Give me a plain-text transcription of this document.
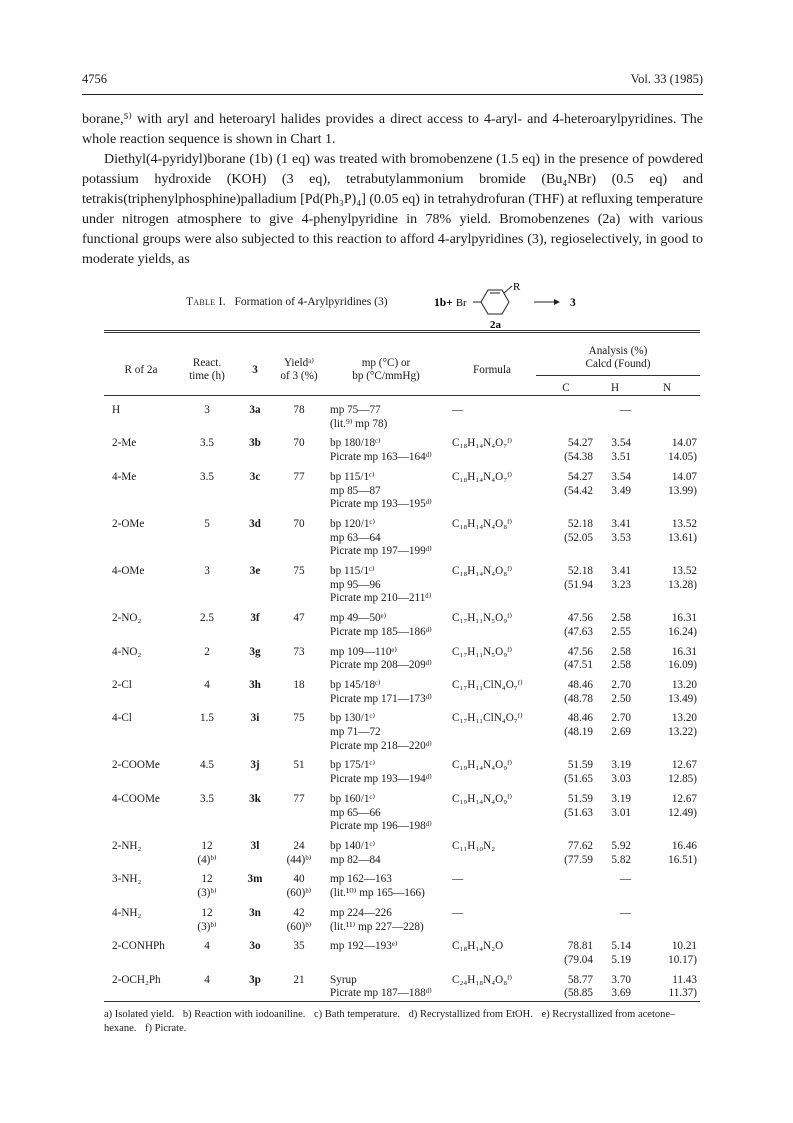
4756	Vol. 33 (1985)

borane,⁵⁾ with aryl and heteroaryl halides provides a direct access to 4-aryl- and 4-heteroarylpyridines. The whole reaction sequence is shown in Chart 1.

Diethyl(4-pyridyl)borane (1b) (1 eq) was treated with bromobenzene (1.5 eq) in the presence of powdered potassium hydroxide (KOH) (3 eq), tetrabutylammonium bromide (Bu₄NBr) (0.5 eq) and tetrakis(triphenylphosphine)palladium [Pd(Ph₃P)₄] (0.05 eq) in tetrahydrofuran (THF) at refluxing temperature under nitrogen atmosphere to give 4-phenylpyridine in 78% yield. Bromobenzenes (2a) with various functional groups were also subjected to this reaction to afford 4-arylpyridines (3), regioselectively, in good to moderate yields, as

Table I. Formation of 4-Arylpyridines (3)	1b+ Br
R
3
2a

R of 2a	React.
time (h)	3	Yieldᵃ⁾
of 3 (%)	mp (°C) or
bp (°C/mmHg)	Formula	Analysis (%)
Calcd (Found)		

						C	H	N

H	3	3a	78	mp 75—77	—		—	
				(lit.⁹⁾ mp 78)				
2-Me	3.5	3b	70	bp 180/18ᶜ⁾	C₁₈H₁₄N₄O₇ᶠ⁾	54.27	3.54	14.07
				Picrate mp 163—164ᵈ⁾		(54.38	3.51	14.05)
4-Me	3.5	3c	77	bp 115/1ᶜ⁾	C₁₈H₁₄N₄O₇ᶠ⁾	54.27	3.54	14.07
				mp 85—87		(54.42	3.49	13.99)
				Picrate mp 193—195ᵈ⁾				
2-OMe	5	3d	70	bp 120/1ᶜ⁾	C₁₈H₁₄N₄O₈ᶠ⁾	52.18	3.41	13.52
				mp 63—64		(52.05	3.53	13.61)
				Picrate mp 197—199ᵈ⁾				
4-OMe	3	3e	75	bp 115/1ᶜ⁾	C₁₈H₁₄N₄O₈ᶠ⁾	52.18	3.41	13.52
				mp 95—96		(51.94	3.23	13.28)
				Picrate mp 210—211ᵈ⁾				
2-NO₂	2.5	3f	47	mp 49—50ᵉ⁾	C₁₇H₁₁N₅O₉ᶠ⁾	47.56	2.58	16.31
				Picrate mp 185—186ᵈ⁾		(47.63	2.55	16.24)
4-NO₂	2	3g	73	mp 109—110ᵉ⁾	C₁₇H₁₁N₅O₉ᶠ⁾	47.56	2.58	16.31
				Picrate mp 208—209ᵈ⁾		(47.51	2.58	16.09)
2-Cl	4	3h	18	bp 145/18ᶜ⁾	C₁₇H₁₁ClN₄O₇ᶠ⁾	48.46	2.70	13.20
				Picrate mp 171—173ᵈ⁾		(48.78	2.50	13.49)
4-Cl	1.5	3i	75	bp 130/1ᶜ⁾	C₁₇H₁₁ClN₄O₇ᶠ⁾	48.46	2.70	13.20
				mp 71—72		(48.19	2.69	13.22)
				Picrate mp 218—220ᵈ⁾				
2-COOMe	4.5	3j	51	bp 175/1ᶜ⁾	C₁₉H₁₄N₄O₉ᶠ⁾	51.59	3.19	12.67
				Picrate mp 193—194ᵈ⁾		(51.65	3.03	12.85)
4-COOMe	3.5	3k	77	bp 160/1ᶜ⁾	C₁₉H₁₄N₄O₉ᶠ⁾	51.59	3.19	12.67
				mp 65—66		(51.63	3.01	12.49)
				Picrate mp 196—198ᵈ⁾				
2-NH₂	12	3l	24	bp 140/1ᶜ⁾	C₁₁H₁₀N₂	77.62	5.92	16.46
	(4)ᵇ⁾		(44)ᵇ⁾	mp 82—84		(77.59	5.82	16.51)
3-NH₂	12	3m	40	mp 162—163	—		—	
	(3)ᵇ⁾		(60)ᵇ⁾	(lit.¹⁰⁾ mp 165—166)				
4-NH₂	12	3n	42	mp 224—226	—		—	
	(3)ᵇ⁾		(60)ᵇ⁾	(lit.¹¹⁾ mp 227—228)				
2-CONHPh	4	3o	35	mp 192—193ᵉ⁾	C₁₈H₁₄N₂O	78.81	5.14	10.21
						(79.04	5.19	10.17)
2-OCH₂Ph	4	3p	21	Syrup	C₂₄H₁₈N₄O₈ᶠ⁾	58.77	3.70	11.43
				Picrate mp 187—188ᵈ⁾		(58.85	3.69	11.37)
a) Isolated yield. b) Reaction with iodoaniline. c) Bath temperature. d) Recrystallized from EtOH. e) Recrystallized from acetone–hexane. f) Picrate.
